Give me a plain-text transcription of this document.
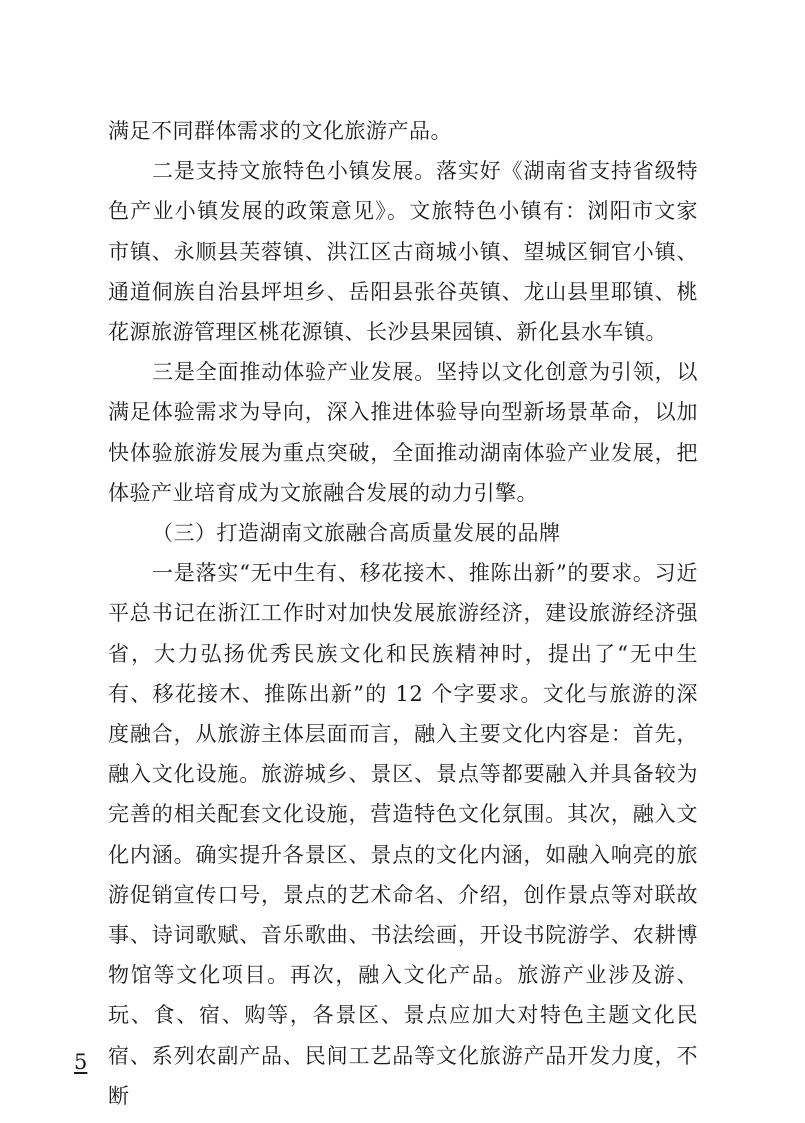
满足不同群体需求的文化旅游产品。

二是支持文旅特色小镇发展。落实好《湖南省支持省级特色产业小镇发展的政策意见》。文旅特色小镇有：浏阳市文家市镇、永顺县芙蓉镇、洪江区古商城小镇、望城区铜官小镇、通道侗族自治县坪坦乡、岳阳县张谷英镇、龙山县里耶镇、桃花源旅游管理区桃花源镇、长沙县果园镇、新化县水车镇。

三是全面推动体验产业发展。坚持以文化创意为引领，以满足体验需求为导向，深入推进体验导向型新场景革命，以加快体验旅游发展为重点突破，全面推动湖南体验产业发展，把体验产业培育成为文旅融合发展的动力引擎。

（三）打造湖南文旅融合高质量发展的品牌

一是落实“无中生有、移花接木、推陈出新”的要求。习近平总书记在浙江工作时对加快发展旅游经济，建设旅游经济强省，大力弘扬优秀民族文化和民族精神时，提出了“无中生有、移花接木、推陈出新”的 12 个字要求。文化与旅游的深度融合，从旅游主体层面而言，融入主要文化内容是：首先，融入文化设施。旅游城乡、景区、景点等都要融入并具备较为完善的相关配套文化设施，营造特色文化氛围。其次，融入文化内涵。确实提升各景区、景点的文化内涵，如融入响亮的旅游促销宣传口号，景点的艺术命名、介绍，创作景点等对联故事、诗词歌赋、音乐歌曲、书法绘画，开设书院游学、农耕博物馆等文化项目。再次，融入文化产品。旅游产业涉及游、玩、食、宿、购等，各景区、景点应加大对特色主题文化民宿、系列农副产品、民间工艺品等文化旅游产品开发力度，不断

5
